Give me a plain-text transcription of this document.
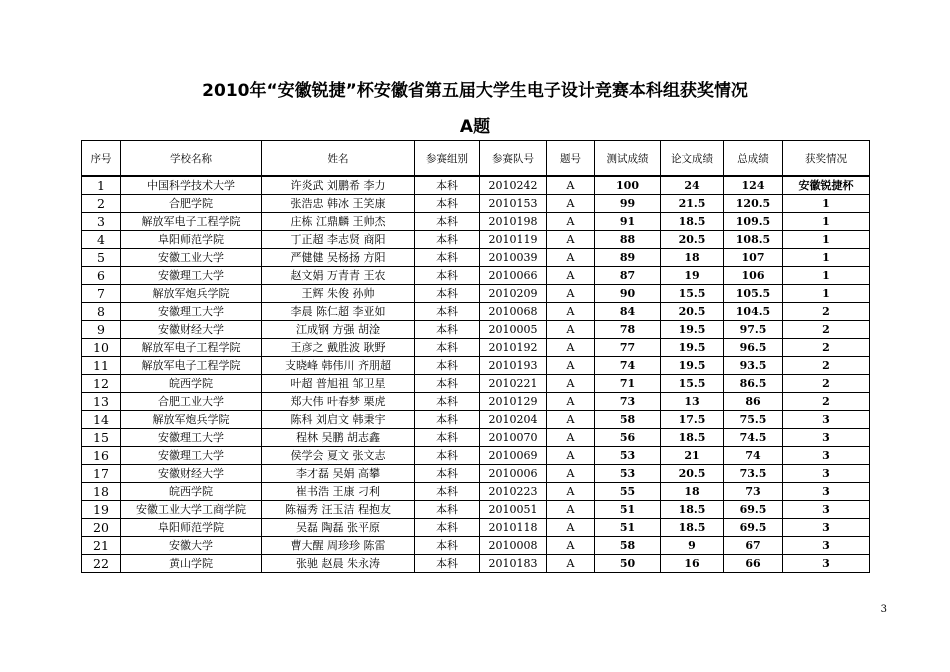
2010年“安徽锐捷”杯安徽省第五届大学生电子设计竞赛本科组获奖情况
A题
序号	学校名称	姓名	参赛组别	参赛队号	题号	测试成绩	论文成绩	总成绩	获奖情况
1	中国科学技术大学	许炎武 刘鹏希 李力	本科	2010242	A	100	24	124	安徽锐捷杯
2	合肥学院	张浩忠 韩冰 王笑康	本科	2010153	A	99	21.5	120.5	1
3	解放军电子工程学院	庄栋 江鼎麟 王帅杰	本科	2010198	A	91	18.5	109.5	1
4	阜阳师范学院	丁正超 李志贤 商阳	本科	2010119	A	88	20.5	108.5	1
5	安徽工业大学	严健健 吴杨扬 方阳	本科	2010039	A	89	18	107	1
6	安徽理工大学	赵文娟 万青青 王农	本科	2010066	A	87	19	106	1
7	解放军炮兵学院	王辉 朱俊 孙帅	本科	2010209	A	90	15.5	105.5	1
8	安徽理工大学	李晨 陈仁超 李亚如	本科	2010068	A	84	20.5	104.5	2
9	安徽财经大学	江成钢 方强 胡淦	本科	2010005	A	78	19.5	97.5	2
10	解放军电子工程学院	王彦之 戴胜波 耿野	本科	2010192	A	77	19.5	96.5	2
11	解放军电子工程学院	支晓峰 韩伟川 齐朋超	本科	2010193	A	74	19.5	93.5	2
12	皖西学院	叶超 普旭祖 邹卫星	本科	2010221	A	71	15.5	86.5	2
13	合肥工业大学	郑大伟 叶春梦 栗虎	本科	2010129	A	73	13	86	2
14	解放军炮兵学院	陈科 刘启文 韩秉宇	本科	2010204	A	58	17.5	75.5	3
15	安徽理工大学	程林 吴鹏 胡志鑫	本科	2010070	A	56	18.5	74.5	3
16	安徽理工大学	侯学会 夏文 张文志	本科	2010069	A	53	21	74	3
17	安徽财经大学	李才磊 吴娟 高攀	本科	2010006	A	53	20.5	73.5	3
18	皖西学院	崔书浩 王康 刁利	本科	2010223	A	55	18	73	3
19	安徽工业大学工商学院	陈福秀 汪玉洁 程抱友	本科	2010051	A	51	18.5	69.5	3
20	阜阳师范学院	吴磊 陶磊 张平原	本科	2010118	A	51	18.5	69.5	3
21	安徽大学	曹大醒 周珍珍 陈雷	本科	2010008	A	58	9	67	3
22	黄山学院	张驰 赵晨 朱永涛	本科	2010183	A	50	16	66	3
3
